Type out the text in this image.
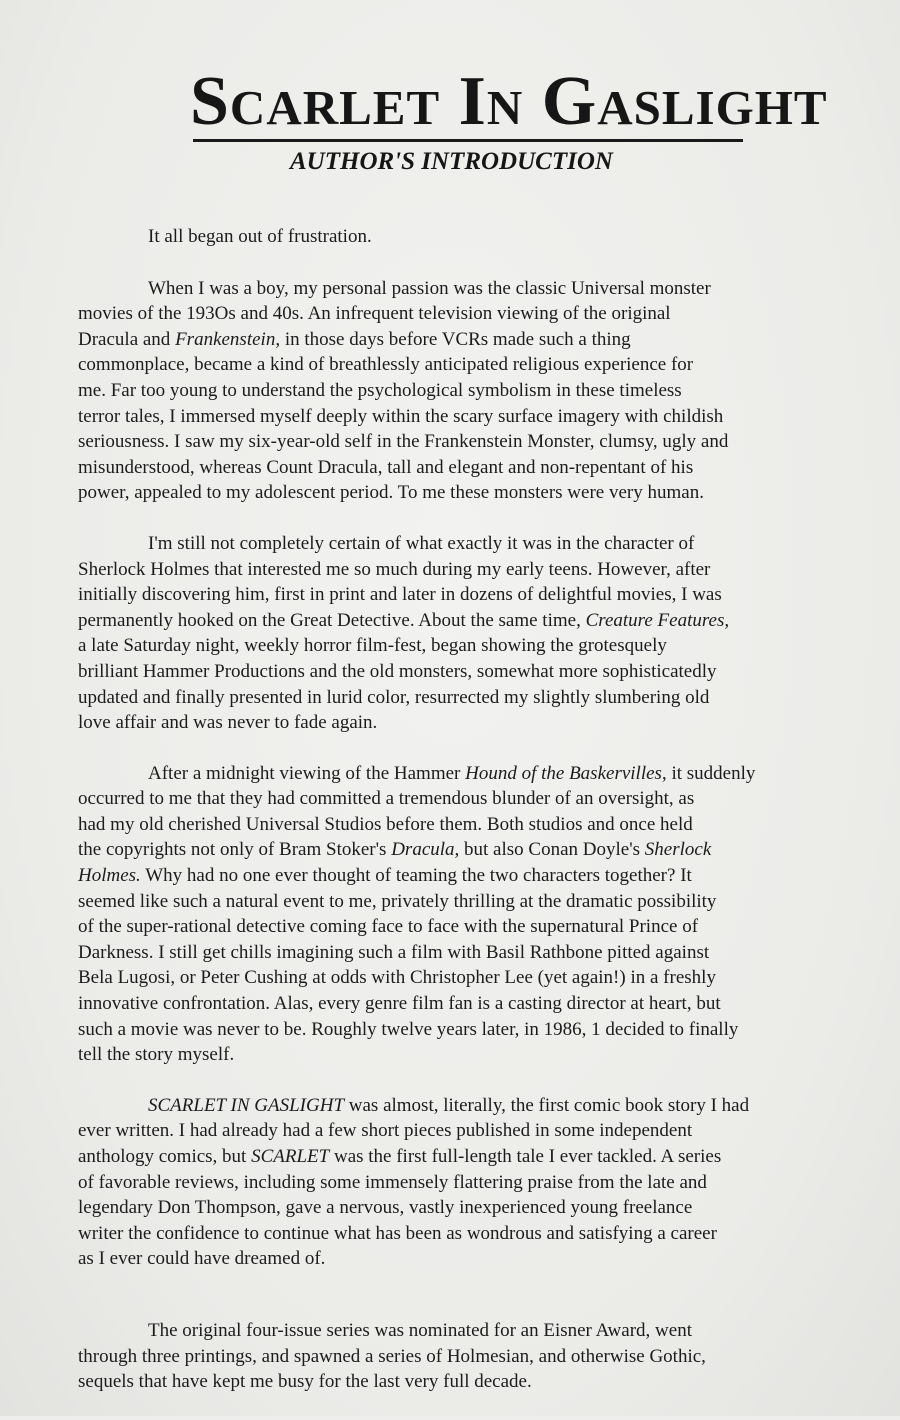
Scarlet In Gaslight
AUTHOR'S INTRODUCTION

It all began out of frustration.

When I was a boy, my personal passion was the classic Universal monster
movies of the 193Os and 40s. An infrequent television viewing of the original
Dracula and Frankenstein, in those days before VCRs made such a thing
commonplace, became a kind of breathlessly anticipated religious experience for
me. Far too young to understand the psychological symbolism in these timeless
terror tales, I immersed myself deeply within the scary surface imagery with childish
seriousness. I saw my six-year-old self in the Frankenstein Monster, clumsy, ugly and
misunderstood, whereas Count Dracula, tall and elegant and non-repentant of his
power, appealed to my adolescent period. To me these monsters were very human.

I'm still not completely certain of what exactly it was in the character of
Sherlock Holmes that interested me so much during my early teens. However, after
initially discovering him, first in print and later in dozens of delightful movies, I was
permanently hooked on the Great Detective. About the same time, Creature Features,
a late Saturday night, weekly horror film-fest, began showing the grotesquely
brilliant Hammer Productions and the old monsters, somewhat more sophisticatedly
updated and finally presented in lurid color, resurrected my slightly slumbering old
love affair and was never to fade again.

After a midnight viewing of the Hammer Hound of the Baskervilles, it suddenly
occurred to me that they had committed a tremendous blunder of an oversight, as
had my old cherished Universal Studios before them. Both studios and once held
the copyrights not only of Bram Stoker's Dracula, but also Conan Doyle's Sherlock
Holmes. Why had no one ever thought of teaming the two characters together? It
seemed like such a natural event to me, privately thrilling at the dramatic possibility
of the super-rational detective coming face to face with the supernatural Prince of
Darkness. I still get chills imagining such a film with Basil Rathbone pitted against
Bela Lugosi, or Peter Cushing at odds with Christopher Lee (yet again!) in a freshly
innovative confrontation. Alas, every genre film fan is a casting director at heart, but
such a movie was never to be. Roughly twelve years later, in 1986, 1 decided to finally
tell the story myself.

SCARLET IN GASLIGHT was almost, literally, the first comic book story I had
ever written. I had already had a few short pieces published in some independent
anthology comics, but SCARLET was the first full-length tale I ever tackled. A series
of favorable reviews, including some immensely flattering praise from the late and
legendary Don Thompson, gave a nervous, vastly inexperienced young freelance
writer the confidence to continue what has been as wondrous and satisfying a career
as I ever could have dreamed of.

The original four-issue series was nominated for an Eisner Award, went
through three printings, and spawned a series of Holmesian, and otherwise Gothic,
sequels that have kept me busy for the last very full decade.
